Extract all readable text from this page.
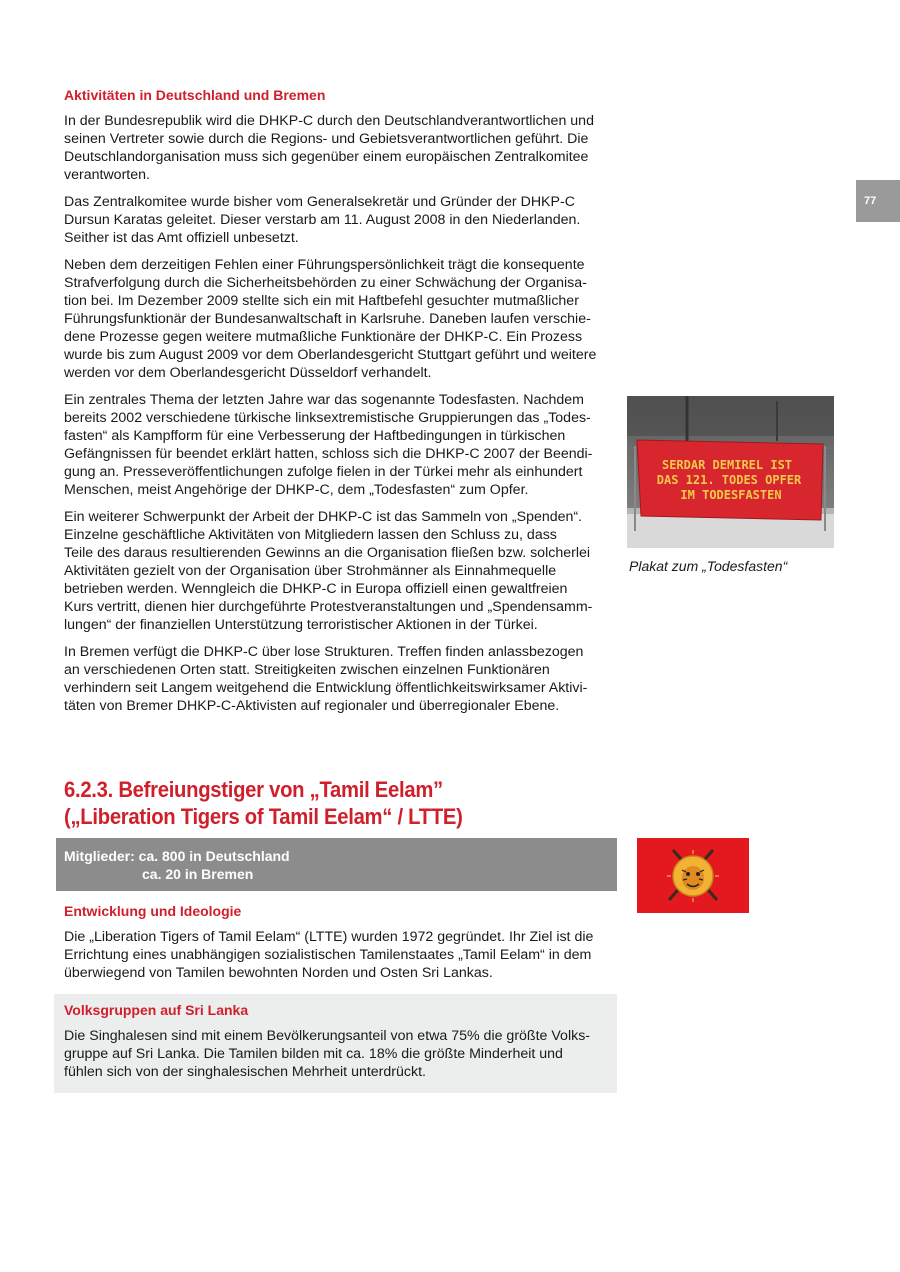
77
Aktivitäten in Deutschland und Bremen

In der Bundesrepublik wird die DHKP-C durch den Deutschlandverantwortlichen und
seinen Vertreter sowie durch die Regions- und Gebietsverantwortlichen geführt. Die
Deutschlandorganisation muss sich gegenüber einem europäischen Zentralkomitee
verantworten.

Das Zentralkomitee wurde bisher vom Generalsekretär und Gründer der DHKP-C
Dursun Karatas geleitet. Dieser verstarb am 11. August 2008 in den Niederlanden.
Seither ist das Amt offiziell unbesetzt.

Neben dem derzeitigen Fehlen einer Führungspersönlichkeit trägt die konsequente
Strafverfolgung durch die Sicherheitsbehörden zu einer Schwächung der Organisa-
tion bei. Im Dezember 2009 stellte sich ein mit Haftbefehl gesuchter mutmaßlicher
Führungsfunktionär der Bundesanwaltschaft in Karlsruhe. Daneben laufen verschie-
dene Prozesse gegen weitere mutmaßliche Funktionäre der DHKP-C. Ein Prozess
wurde bis zum August 2009 vor dem Oberlandesgericht Stuttgart geführt und weitere
werden vor dem Oberlandesgericht Düsseldorf verhandelt.

Ein zentrales Thema der letzten Jahre war das sogenannte Todesfasten. Nachdem
bereits 2002 verschiedene türkische linksextremistische Gruppierungen das „Todes-
fasten“ als Kampfform für eine Verbesserung der Haftbedingungen in türkischen
Gefängnissen für beendet erklärt hatten, schloss sich die DHKP-C 2007 der Beendi-
gung an. Presseveröffentlichungen zufolge fielen in der Türkei mehr als einhundert
Menschen, meist Angehörige der DHKP-C, dem „Todesfasten“ zum Opfer.

Ein weiterer Schwerpunkt der Arbeit der DHKP-C ist das Sammeln von „Spenden“.
Einzelne geschäftliche Aktivitäten von Mitgliedern lassen den Schluss zu, dass
Teile des daraus resultierenden Gewinns an die Organisation fließen bzw. solcherlei
Aktivitäten gezielt von der Organisation über Strohmänner als Einnahmequelle
betrieben werden. Wenngleich die DHKP-C in Europa offiziell einen gewaltfreien
Kurs vertritt, dienen hier durchgeführte Protestveranstaltungen und „Spendensamm-
lungen“ der finanziellen Unterstützung terroristischer Aktionen in der Türkei.

In Bremen verfügt die DHKP-C über lose Strukturen. Treffen finden anlassbezogen
an verschiedenen Orten statt. Streitigkeiten zwischen einzelnen Funktionären
verhindern seit Langem weitgehend die Entwicklung öffentlichkeitswirksamer Aktivi-
täten von Bremer DHKP-C-Aktivisten auf regionaler und überregionaler Ebene.

SERDAR DEMIREL IST
DAS 121. TODES OPFER
IM TODESFASTEN
Plakat zum „Todesfasten“
6.2.3. Befreiungstiger von „Tamil Eelam”
(„Liberation Tigers of Tamil Eelam“ / LTTE)
Mitglieder: ca. 800 in Deutschland
ca. 20 in Bremen
Entwicklung und Ideologie

Die „Liberation Tigers of Tamil Eelam“ (LTTE) wurden 1972 gegründet. Ihr Ziel ist die
Errichtung eines unabhängigen sozialistischen Tamilenstaates „Tamil Eelam“ in dem
überwiegend von Tamilen bewohnten Norden und Osten Sri Lankas.

Volksgruppen auf Sri Lanka

Die Singhalesen sind mit einem Bevölkerungsanteil von etwa 75% die größte Volks-
gruppe auf Sri Lanka. Die Tamilen bilden mit ca. 18% die größte Minderheit und
fühlen sich von der singhalesischen Mehrheit unterdrückt.
